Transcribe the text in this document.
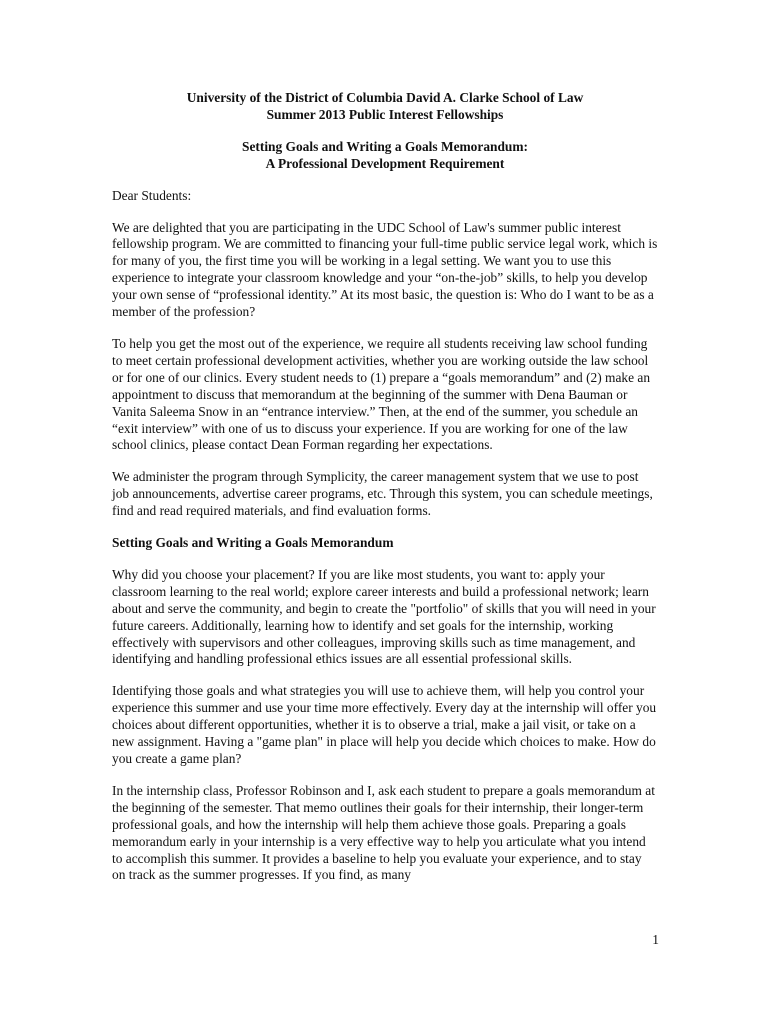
University of the District of Columbia David A. Clarke School of Law

Summer 2013 Public Interest Fellowships

Setting Goals and Writing a Goals Memorandum:

A Professional Development Requirement

Dear Students:

We are delighted that you are participating in the UDC School of Law's summer public interest fellowship program. We are committed to financing your full-time public service legal work, which is for many of you, the first time you will be working in a legal setting. We want you to use this experience to integrate your classroom knowledge and your “on-the-job” skills, to help you develop your own sense of “professional identity.” At its most basic, the question is: Who do I want to be as a member of the profession?

To help you get the most out of the experience, we require all students receiving law school funding to meet certain professional development activities, whether you are working outside the law school or for one of our clinics. Every student needs to (1) prepare a “goals memorandum” and (2) make an appointment to discuss that memorandum at the beginning of the summer with Dena Bauman or Vanita Saleema Snow in an “entrance interview.” Then, at the end of the summer, you schedule an “exit interview” with one of us to discuss your experience. If you are working for one of the law school clinics, please contact Dean Forman regarding her expectations.

We administer the program through Symplicity, the career management system that we use to post job announcements, advertise career programs, etc. Through this system, you can schedule meetings, find and read required materials, and find evaluation forms.

Setting Goals and Writing a Goals Memorandum

Why did you choose your placement? If you are like most students, you want to: apply your classroom learning to the real world; explore career interests and build a professional network; learn about and serve the community, and begin to create the "portfolio" of skills that you will need in your future careers. Additionally, learning how to identify and set goals for the internship, working effectively with supervisors and other colleagues, improving skills such as time management, and identifying and handling professional ethics issues are all essential professional skills.

Identifying those goals and what strategies you will use to achieve them, will help you control your experience this summer and use your time more effectively. Every day at the internship will offer you choices about different opportunities, whether it is to observe a trial, make a jail visit, or take on a new assignment. Having a "game plan" in place will help you decide which choices to make. How do you create a game plan?

In the internship class, Professor Robinson and I, ask each student to prepare a goals memorandum at the beginning of the semester. That memo outlines their goals for their internship, their longer-term professional goals, and how the internship will help them achieve those goals. Preparing a goals memorandum early in your internship is a very effective way to help you articulate what you intend to accomplish this summer. It provides a baseline to help you evaluate your experience, and to stay on track as the summer progresses. If you find, as many

1
